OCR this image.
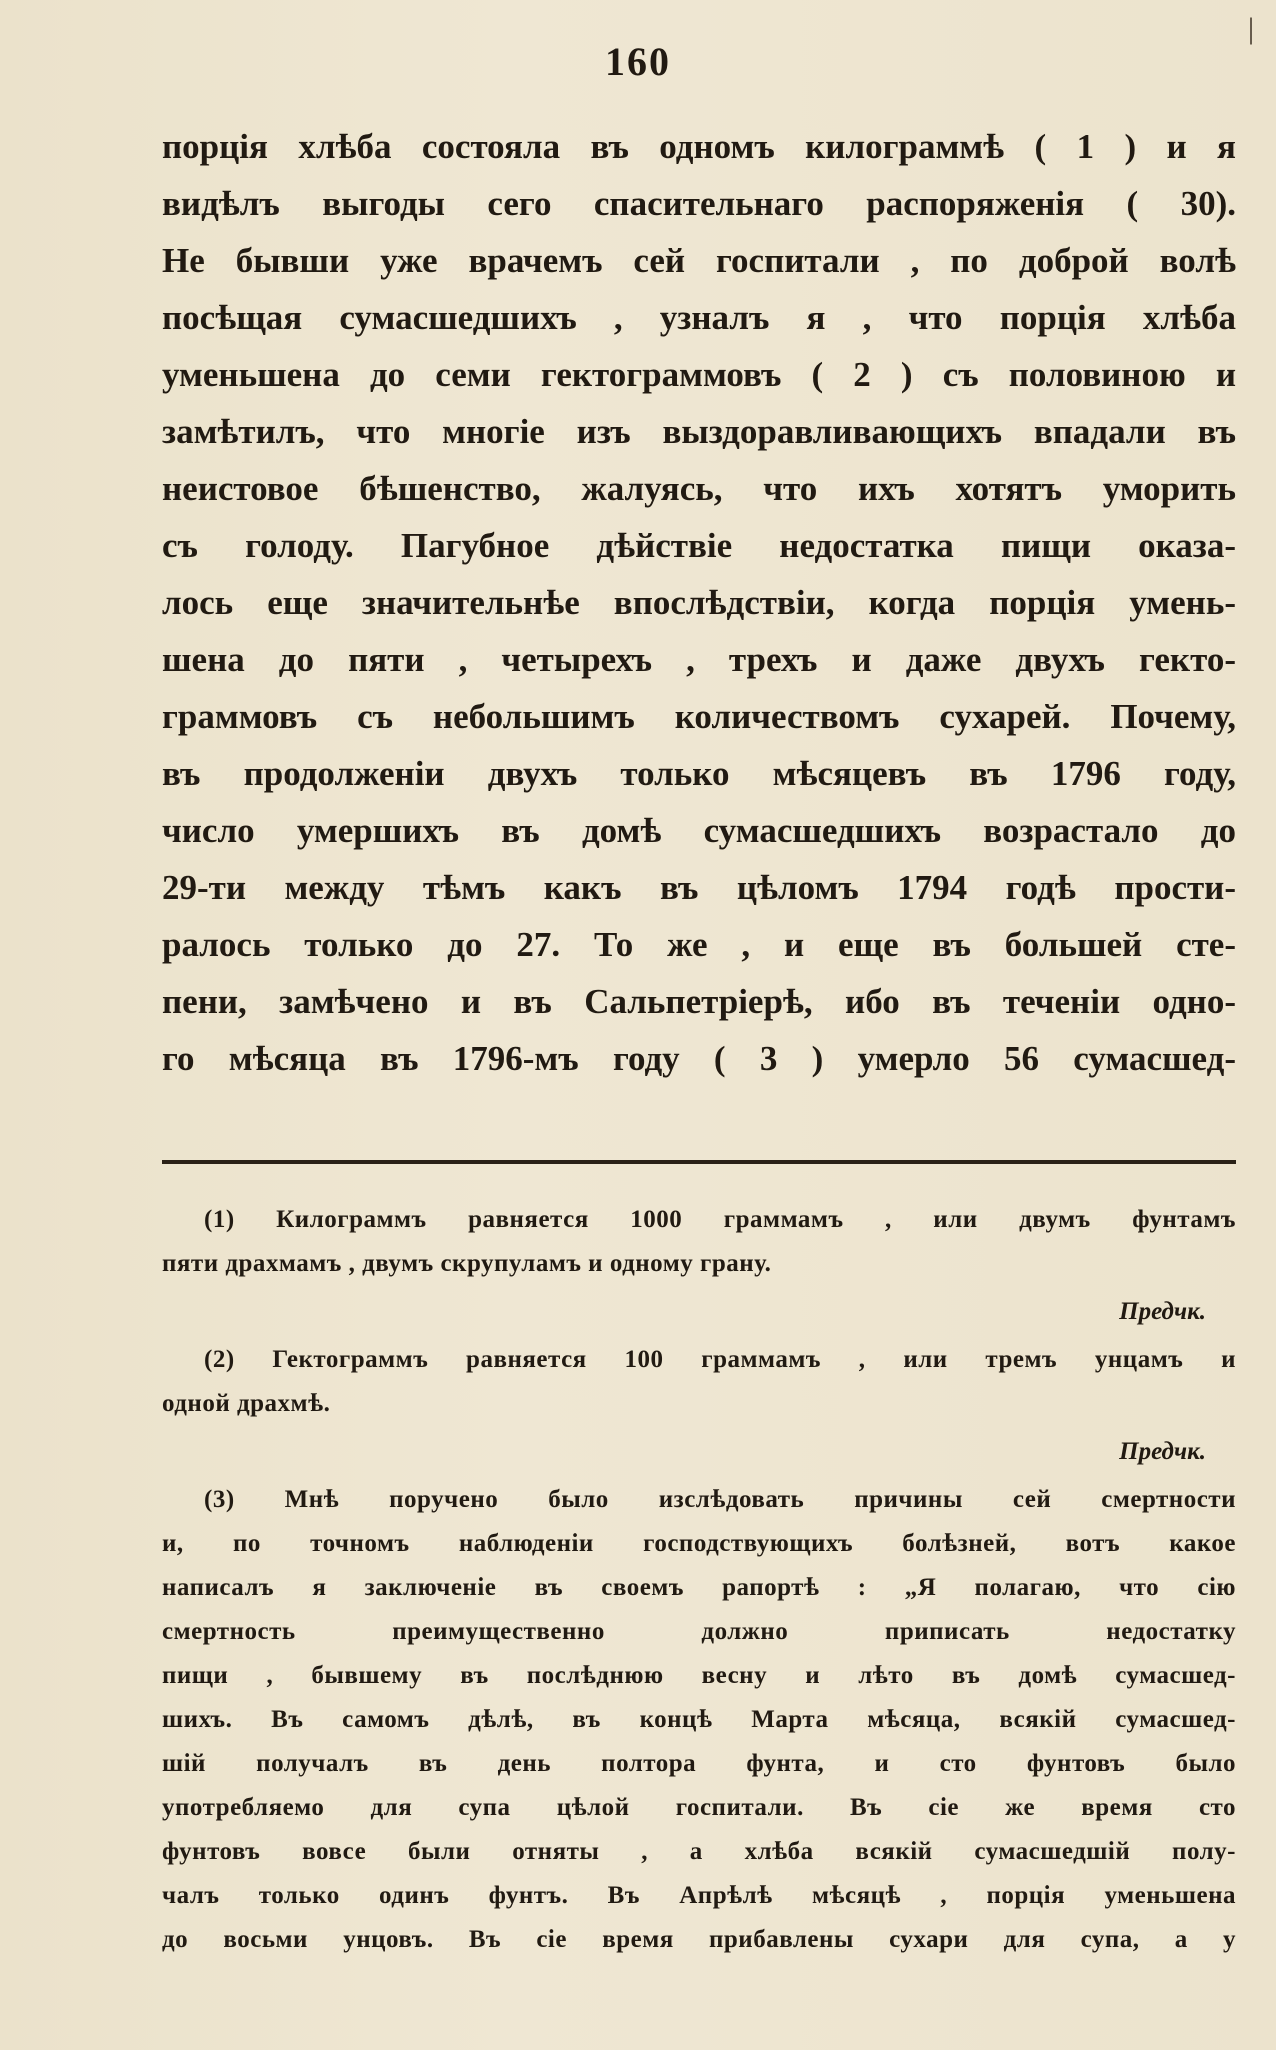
|
160
порція хлѣба состояла въ одномъ килограммѣ ( 1 ) и я
видѣлъ выгоды сего спасительнаго распоряженія ( 30).
Не бывши уже врачемъ сей госпитали , по доброй волѣ
посѣщая сумасшедшихъ , узналъ я , что порція хлѣба
уменьшена до семи гектограммовъ ( 2 ) съ половиною и
замѣтилъ, что многіе изъ выздоравливающихъ впадали въ
неистовое бѣшенство, жалуясь, что ихъ хотятъ уморить
съ голоду. Пагубное дѣйствіе недостатка пищи оказа-
лось еще значительнѣе впослѣдствіи, когда порція умень-
шена до пяти , четырехъ , трехъ и даже двухъ гекто-
граммовъ съ небольшимъ количествомъ сухарей. Почему,
въ продолженіи двухъ только мѣсяцевъ въ 1796 году,
число умершихъ въ домѣ сумасшедшихъ возрастало до
29-ти между тѣмъ какъ въ цѣломъ 1794 годѣ прости-
ралось только до 27. То же , и еще въ большей сте-
пени, замѣчено и въ Сальпетріерѣ, ибо въ теченіи одно-
го мѣсяца въ 1796-мъ году ( 3 ) умерло 56 сумасшед-
(1) Килограммъ равняется 1000 граммамъ , или двумъ фунтамъ
пяти драхмамъ , двумъ скрупуламъ и одному грану.
Предчк.
(2) Гектограммъ равняется 100 граммамъ , или тремъ унцамъ и
одной драхмѣ.
Предчк.
(3) Мнѣ поручено было изслѣдовать причины сей смертности
и, по точномъ наблюденіи господствующихъ болѣзней, вотъ какое
написалъ я заключеніе въ своемъ рапортѣ : „Я полагаю, что сію
смертность преимущественно должно приписать недостатку
пищи , бывшему въ послѣднюю весну и лѣто въ домѣ сумасшед-
шихъ. Въ самомъ дѣлѣ, въ концѣ Марта мѣсяца, всякій сумасшед-
шій получалъ въ день полтора фунта, и сто фунтовъ было
употребляемо для супа цѣлой госпитали. Въ сіе же время сто
фунтовъ вовсе были отняты , а хлѣба всякій сумасшедшій полу-
чалъ только одинъ фунтъ. Въ Апрѣлѣ мѣсяцѣ , порція уменьшена
до восьми унцовъ. Въ сіе время прибавлены сухари для супа, а у
